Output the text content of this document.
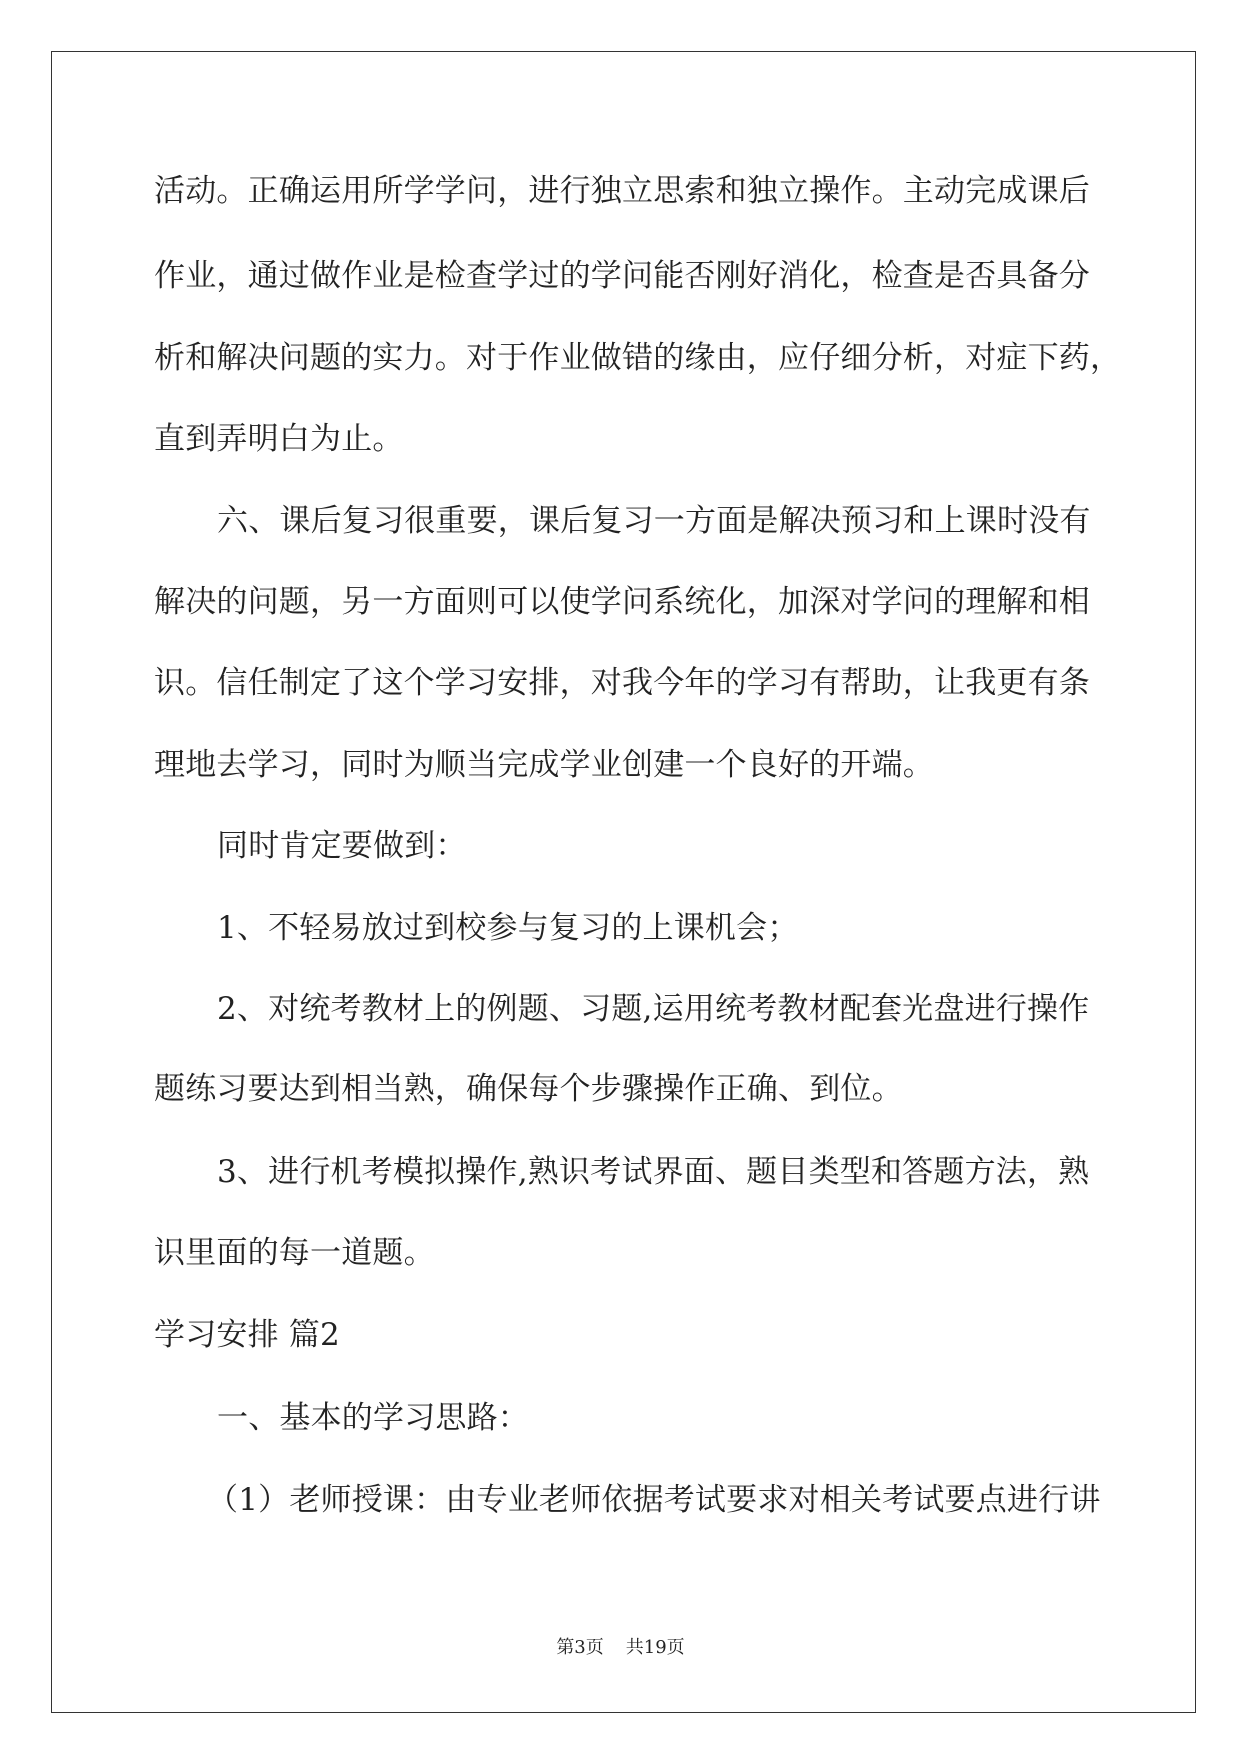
活动。正确运用所学学问，进行独立思索和独立操作。主动完成课后
作业，通过做作业是检查学过的学问能否刚好消化，检查是否具备分
析和解决问题的实力。对于作业做错的缘由，应仔细分析，对症下药，
直到弄明白为止。
六、课后复习很重要，课后复习一方面是解决预习和上课时没有
解决的问题，另一方面则可以使学问系统化，加深对学问的理解和相
识。信任制定了这个学习安排，对我今年的学习有帮助，让我更有条
理地去学习，同时为顺当完成学业创建一个良好的开端。
同时肯定要做到：
1、不轻易放过到校参与复习的上课机会；
2、对统考教材上的例题、习题,运用统考教材配套光盘进行操作
题练习要达到相当熟，确保每个步骤操作正确、到位。
3、进行机考模拟操作,熟识考试界面、题目类型和答题方法，熟
识里面的每一道题。
学习安排 篇2
一、基本的学习思路：
（1）老师授课：由专业老师依据考试要求对相关考试要点进行讲
第3页 共19页
